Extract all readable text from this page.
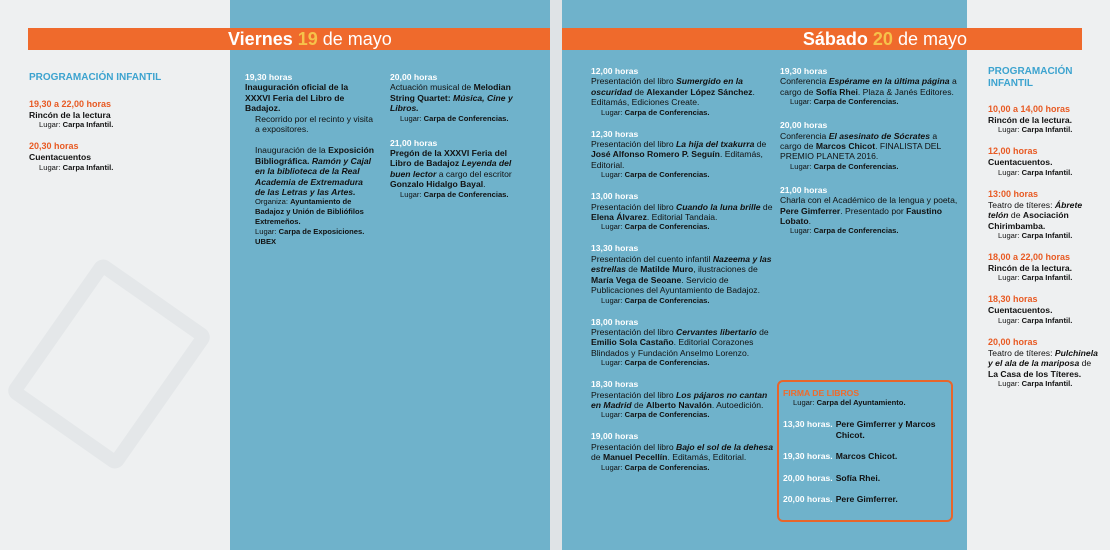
Viernes 19 de mayo
PROGRAMACIÓN INFANTIL
19,30 a 22,00 horas
Rincón de la lectura
Lugar: Carpa Infantil.
20,30 horas
Cuentacuentos
Lugar: Carpa Infantil.
19,30 horas
Inauguración oficial de la XXXVI Feria del Libro de Badajoz.
Recorrido por el recinto y visita a expositores.
Inauguración de la Exposición Bibliográfica. Ramón y Cajal en la biblioteca de la Real Academia de Extremadura de las Letras y las Artes.
Organiza: Ayuntamiento de Badajoz y Unión de Bibliófilos Extremeños.
Lugar: Carpa de Exposiciones. UBEX
20,00 horas
Actuación musical de Melodian String Quartet: Música, Cine y Libros.
Lugar: Carpa de Conferencias.
21,00 horas
Pregón de la XXXVI Feria del Libro de Badajoz Leyenda del buen lector a cargo del escritor Gonzalo Hidalgo Bayal.
Lugar: Carpa de Conferencias.
Sábado 20 de mayo
12,00 horas
Presentación del libro Sumergido en la oscuridad de Alexander López Sánchez. Editamás, Ediciones Create.
Lugar: Carpa de Conferencias.
12,30 horas
Presentación del libro La hija del txakurra de José Alfonso Romero P. Seguín. Editamás, Editorial.
Lugar: Carpa de Conferencias.
13,00 horas
Presentación del libro Cuando la luna brille de Elena Álvarez. Editorial Tandaia.
Lugar: Carpa de Conferencias.
13,30 horas
Presentación del cuento infantil Nazeema y las estrellas de Matilde Muro, ilustraciones de María Vega de Seoane. Servicio de Publicaciones del Ayuntamiento de Badajoz.
Lugar: Carpa de Conferencias.
18,00 horas
Presentación del libro Cervantes libertario de Emilio Sola Castaño. Editorial Corazones Blindados y Fundación Anselmo Lorenzo.
Lugar: Carpa de Conferencias.
18,30 horas
Presentación del libro Los pájaros no cantan en Madrid de Alberto Navalón. Autoedición.
Lugar: Carpa de Conferencias.
19,00 horas
Presentación del libro Bajo el sol de la dehesa de Manuel Pecellín. Editamás, Editorial.
Lugar: Carpa de Conferencias.
19,30 horas
Conferencia Espérame en la última página a cargo de Sofía Rhei. Plaza & Janés Editores.
Lugar: Carpa de Conferencias.
20,00 horas
Conferencia El asesinato de Sócrates a cargo de Marcos Chicot. FINALISTA DEL PREMIO PLANETA 2016.
Lugar: Carpa de Conferencias.
21,00 horas
Charla con el Académico de la lengua y poeta, Pere Gimferrer. Presentado por Faustino Lobato.
Lugar: Carpa de Conferencias.
FIRMA DE LIBROS
Lugar: Carpa del Ayuntamiento.
13,30 horas. Pere Gimferrer y Marcos Chicot.
19,30 horas. Marcos Chicot.
20,00 horas. Sofía Rhei.
20,00 horas. Pere Gimferrer.
PROGRAMACIÓN INFANTIL
10,00 a 14,00 horas
Rincón de la lectura.
Lugar: Carpa Infantil.
12,00 horas
Cuentacuentos.
Lugar: Carpa Infantil.
13:00 horas
Teatro de títeres: Ábrete telón de Asociación Chirimbamba.
Lugar: Carpa Infantil.
18,00 a 22,00 horas
Rincón de la lectura.
Lugar: Carpa Infantil.
18,30 horas
Cuentacuentos.
Lugar: Carpa Infantil.
20,00 horas
Teatro de títeres: Pulchinela y el ala de la mariposa de La Casa de los Títeres.
Lugar: Carpa Infantil.
